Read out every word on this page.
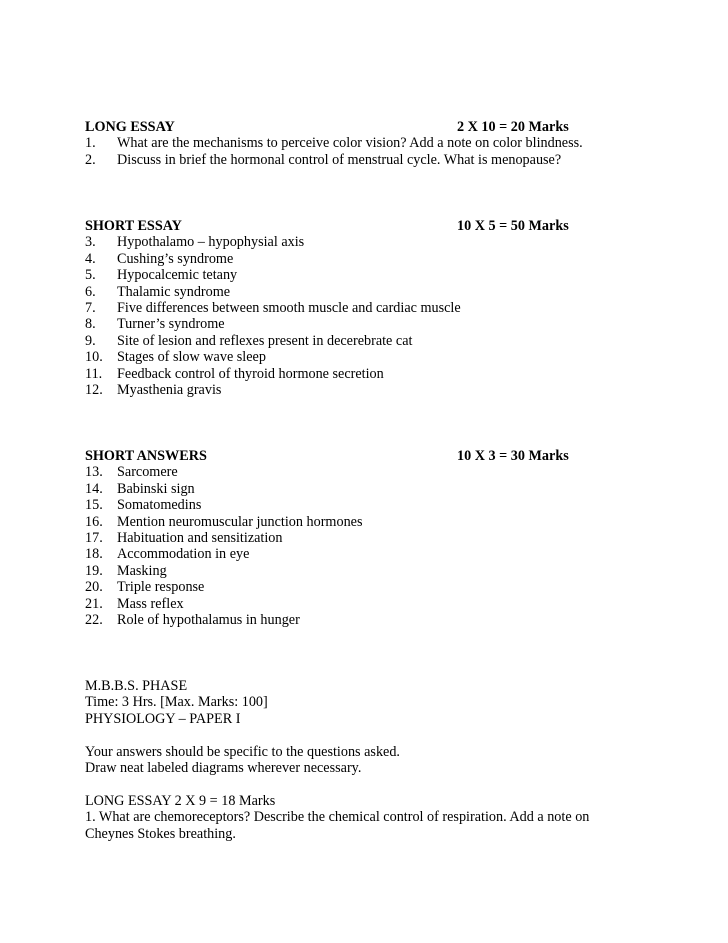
LONG ESSAY	2 X 10 = 20 Marks
1.	What are the mechanisms to perceive color vision? Add a note on color blindness.
2.	Discuss in brief the hormonal control of menstrual cycle. What is menopause?
SHORT ESSAY	10 X 5 = 50 Marks
3.	Hypothalamo – hypophysial axis
4.	Cushing’s syndrome
5.	Hypocalcemic tetany
6.	Thalamic syndrome
7.	Five differences between smooth muscle and cardiac muscle
8.	Turner’s syndrome
9.	Site of lesion and reflexes present in decerebrate cat
10.	Stages of slow wave sleep
11.	Feedback control of thyroid hormone secretion
12.	Myasthenia gravis
SHORT ANSWERS	10 X 3 = 30 Marks
13.	Sarcomere
14.	Babinski sign
15.	Somatomedins
16.	Mention neuromuscular junction hormones
17.	Habituation and sensitization
18.	Accommodation in eye
19.	Masking
20.	Triple response
21.	Mass reflex
22.	Role of hypothalamus in hunger
M.B.B.S. PHASE
Time: 3 Hrs. [Max. Marks: 100]
PHYSIOLOGY – PAPER I
Your answers should be specific to the questions asked.
Draw neat labeled diagrams wherever necessary.
LONG ESSAY 2 X 9 = 18 Marks
1. What are chemoreceptors? Describe the chemical control of respiration. Add a note on
Cheynes Stokes breathing.
